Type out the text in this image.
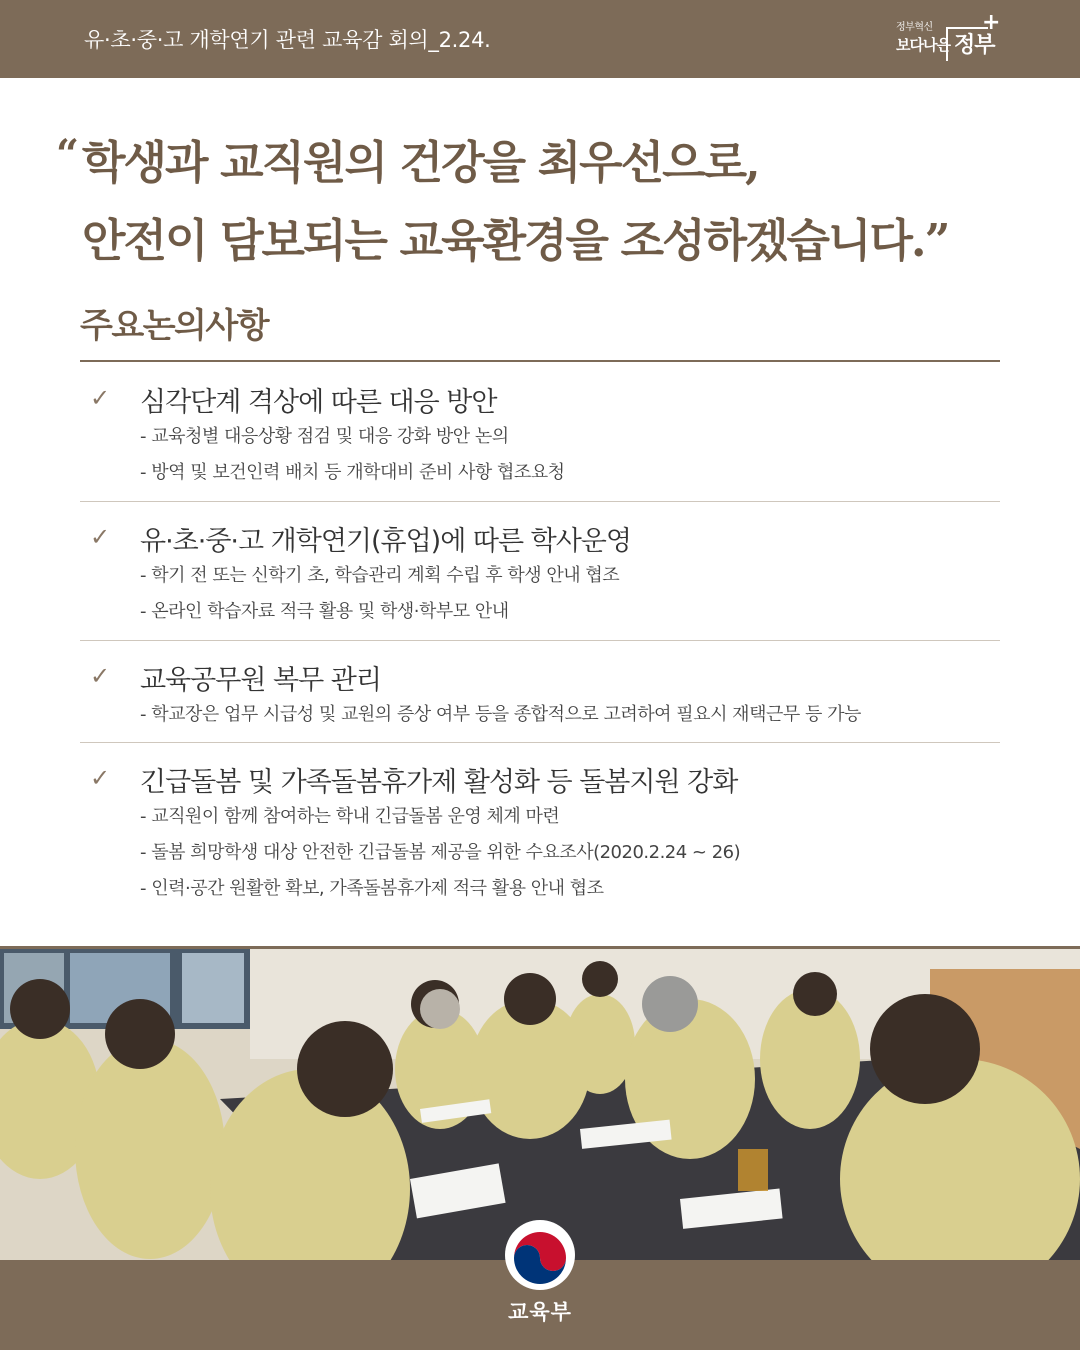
유·초·중·고 개학연기 관련 교육감 회의_2.24.
정부혁신
보다나은 정부
+
“ 학생과 교직원의 건강을 최우선으로,
안전이 담보되는 교육환경을 조성하겠습니다.”
주요논의사항
✓ 심각단계 격상에 따른 대응 방안
- 교육청별 대응상황 점검 및 대응 강화 방안 논의
- 방역 및 보건인력 배치 등 개학대비 준비 사항 협조요청
✓ 유·초·중·고 개학연기(휴업)에 따른 학사운영
- 학기 전 또는 신학기 초, 학습관리 계획 수립 후 학생 안내 협조
- 온라인 학습자료 적극 활용 및 학생·학부모 안내
✓ 교육공무원 복무 관리
- 학교장은 업무 시급성 및 교원의 증상 여부 등을 종합적으로 고려하여 필요시 재택근무 등 가능
✓ 긴급돌봄 및 가족돌봄휴가제 활성화 등 돌봄지원 강화
- 교직원이 함께 참여하는 학내 긴급돌봄 운영 체계 마련
- 돌봄 희망학생 대상 안전한 긴급돌봄 제공을 위한 수요조사(2020.2.24 ~ 26)
- 인력·공간 원활한 확보, 가족돌봄휴가제 적극 활용 안내 협조
교육부
